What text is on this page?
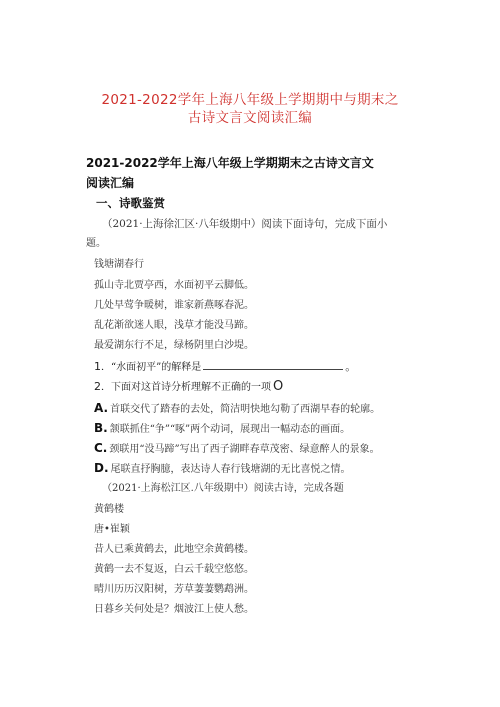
2021-2022学年上海八年级上学期期中与期末之
古诗文言文阅读汇编
2021-2022学年上海八年级上学期期末之古诗文言文
阅读汇编
一、诗歌鉴赏
（2021·上海徐汇区·八年级期中）阅读下面诗句，完成下面小
题。
钱塘湖春行
孤山寺北贾亭西，水面初平云脚低。
几处早莺争暖树，谁家新燕啄春泥。
乱花渐欲迷人眼，浅草才能没马蹄。
最爱湖东行不足，绿杨阴里白沙堤。
1．“水面初平”的解释是	。
2．下面对这首诗分析理解不正确的一项 O
A. 首联交代了踏春的去处，简洁明快地勾勒了西湖早春的轮廓。
B. 颔联抓住“争”“啄”两个动词，展现出一幅动态的画面。
C. 颈联用“没马蹄”写出了西子湖畔春草茂密、绿意醉人的景象。
D. 尾联直抒胸臆，表达诗人春行钱塘湖的无比喜悦之情。
（2021·上海松江区.八年级期中）阅读古诗，完成各题
黄鹤楼
唐•崔颖
昔人已乘黄鹤去，此地空余黄鹤楼。
黄鹤一去不复返，白云千载空悠悠。
晴川历历汉阳树，芳草萋萋鹦鹉洲。
日暮乡关何处是？烟波江上使人愁。
